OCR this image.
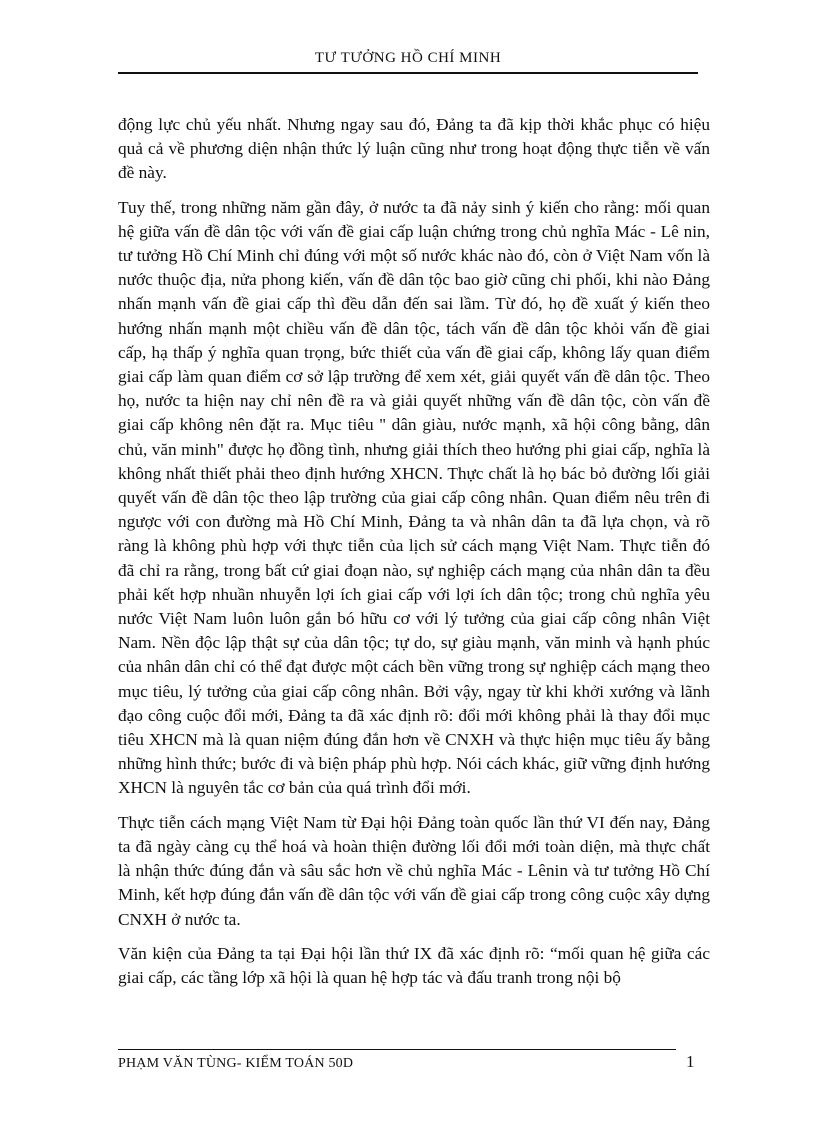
TƯ TƯỞNG HỒ CHÍ MINH

động lực chủ yếu nhất. Nhưng ngay sau đó, Đảng ta đã kịp thời khắc phục có hiệu quả cả về phương diện nhận thức lý luận cũng như trong hoạt động thực tiễn về vấn đề này.

Tuy thế, trong những năm gần đây, ở nước ta đã nảy sinh ý kiến cho rằng: mối quan hệ giữa vấn đề dân tộc với vấn đề giai cấp luận chứng trong chủ nghĩa Mác - Lê nin, tư tưởng Hồ Chí Minh chỉ đúng với một số nước khác nào đó, còn ở Việt Nam vốn là nước thuộc địa, nửa phong kiến, vấn đề dân tộc bao giờ cũng chi phối, khi nào Đảng nhấn mạnh vấn đề giai cấp thì đều dẫn đến sai lầm. Từ đó, họ đề xuất ý kiến theo hướng nhấn mạnh một chiều vấn đề dân tộc, tách vấn đề dân tộc khỏi vấn đề giai cấp, hạ thấp ý nghĩa quan trọng, bức thiết của vấn đề giai cấp, không lấy quan điểm giai cấp làm quan điểm cơ sở lập trường để xem xét, giải quyết vấn đề dân tộc. Theo họ, nước ta hiện nay chỉ nên đề ra và giải quyết những vấn đề dân tộc, còn vấn đề giai cấp không nên đặt ra. Mục tiêu '' dân giàu, nước mạnh, xã hội công bằng, dân chủ, văn minh" được họ đồng tình, nhưng giải thích theo hướng phi giai cấp, nghĩa là không nhất thiết phải theo định hướng XHCN. Thực chất là họ bác bỏ đường lối giải quyết vấn đề dân tộc theo lập trường của giai cấp công nhân. Quan điểm nêu trên đi ngược với con đường mà Hồ Chí Minh, Đảng ta và nhân dân ta đã lựa chọn, và rõ ràng là không phù hợp với thực tiễn của lịch sử cách mạng Việt Nam. Thực tiễn đó đã chỉ ra rằng, trong bất cứ giai đoạn nào, sự nghiệp cách mạng của nhân dân ta đều phải kết hợp nhuần nhuyễn lợi ích giai cấp với lợi ích dân tộc; trong chủ nghĩa yêu nước Việt Nam luôn luôn gắn bó hữu cơ với lý tưởng của giai cấp công nhân Việt Nam. Nền độc lập thật sự của dân tộc; tự do, sự giàu mạnh, văn minh và hạnh phúc của nhân dân chỉ có thể đạt được một cách bền vững trong sự nghiệp cách mạng theo mục tiêu, lý tưởng của giai cấp công nhân. Bởi vậy, ngay từ khi khởi xướng và lãnh đạo công cuộc đổi mới, Đảng ta đã xác định rõ: đổi mới không phải là thay đổi mục tiêu XHCN mà là quan niệm đúng đắn hơn về CNXH và thực hiện mục tiêu ấy bằng những hình thức; bước đi và biện pháp phù hợp. Nói cách khác, giữ vững định hướng XHCN là nguyên tắc cơ bản của quá trình đổi mới.

Thực tiễn cách mạng Việt Nam từ Đại hội Đảng toàn quốc lần thứ VI đến nay, Đảng ta đã ngày càng cụ thể hoá và hoàn thiện đường lối đổi mới toàn diện, mà thực chất là nhận thức đúng đắn và sâu sắc hơn về chủ nghĩa Mác - Lênin và tư tưởng Hồ Chí Minh, kết hợp đúng đắn vấn đề dân tộc với vấn đề giai cấp trong công cuộc xây dựng CNXH ở nước ta.

Văn kiện của Đảng ta tại Đại hội lần thứ IX đã xác định rõ: “mối quan hệ giữa các giai cấp, các tầng lớp xã hội là quan hệ hợp tác và đấu tranh trong nội bộ

PHẠM VĂN TÙNG- KIỂM TOÁN 50D	1
